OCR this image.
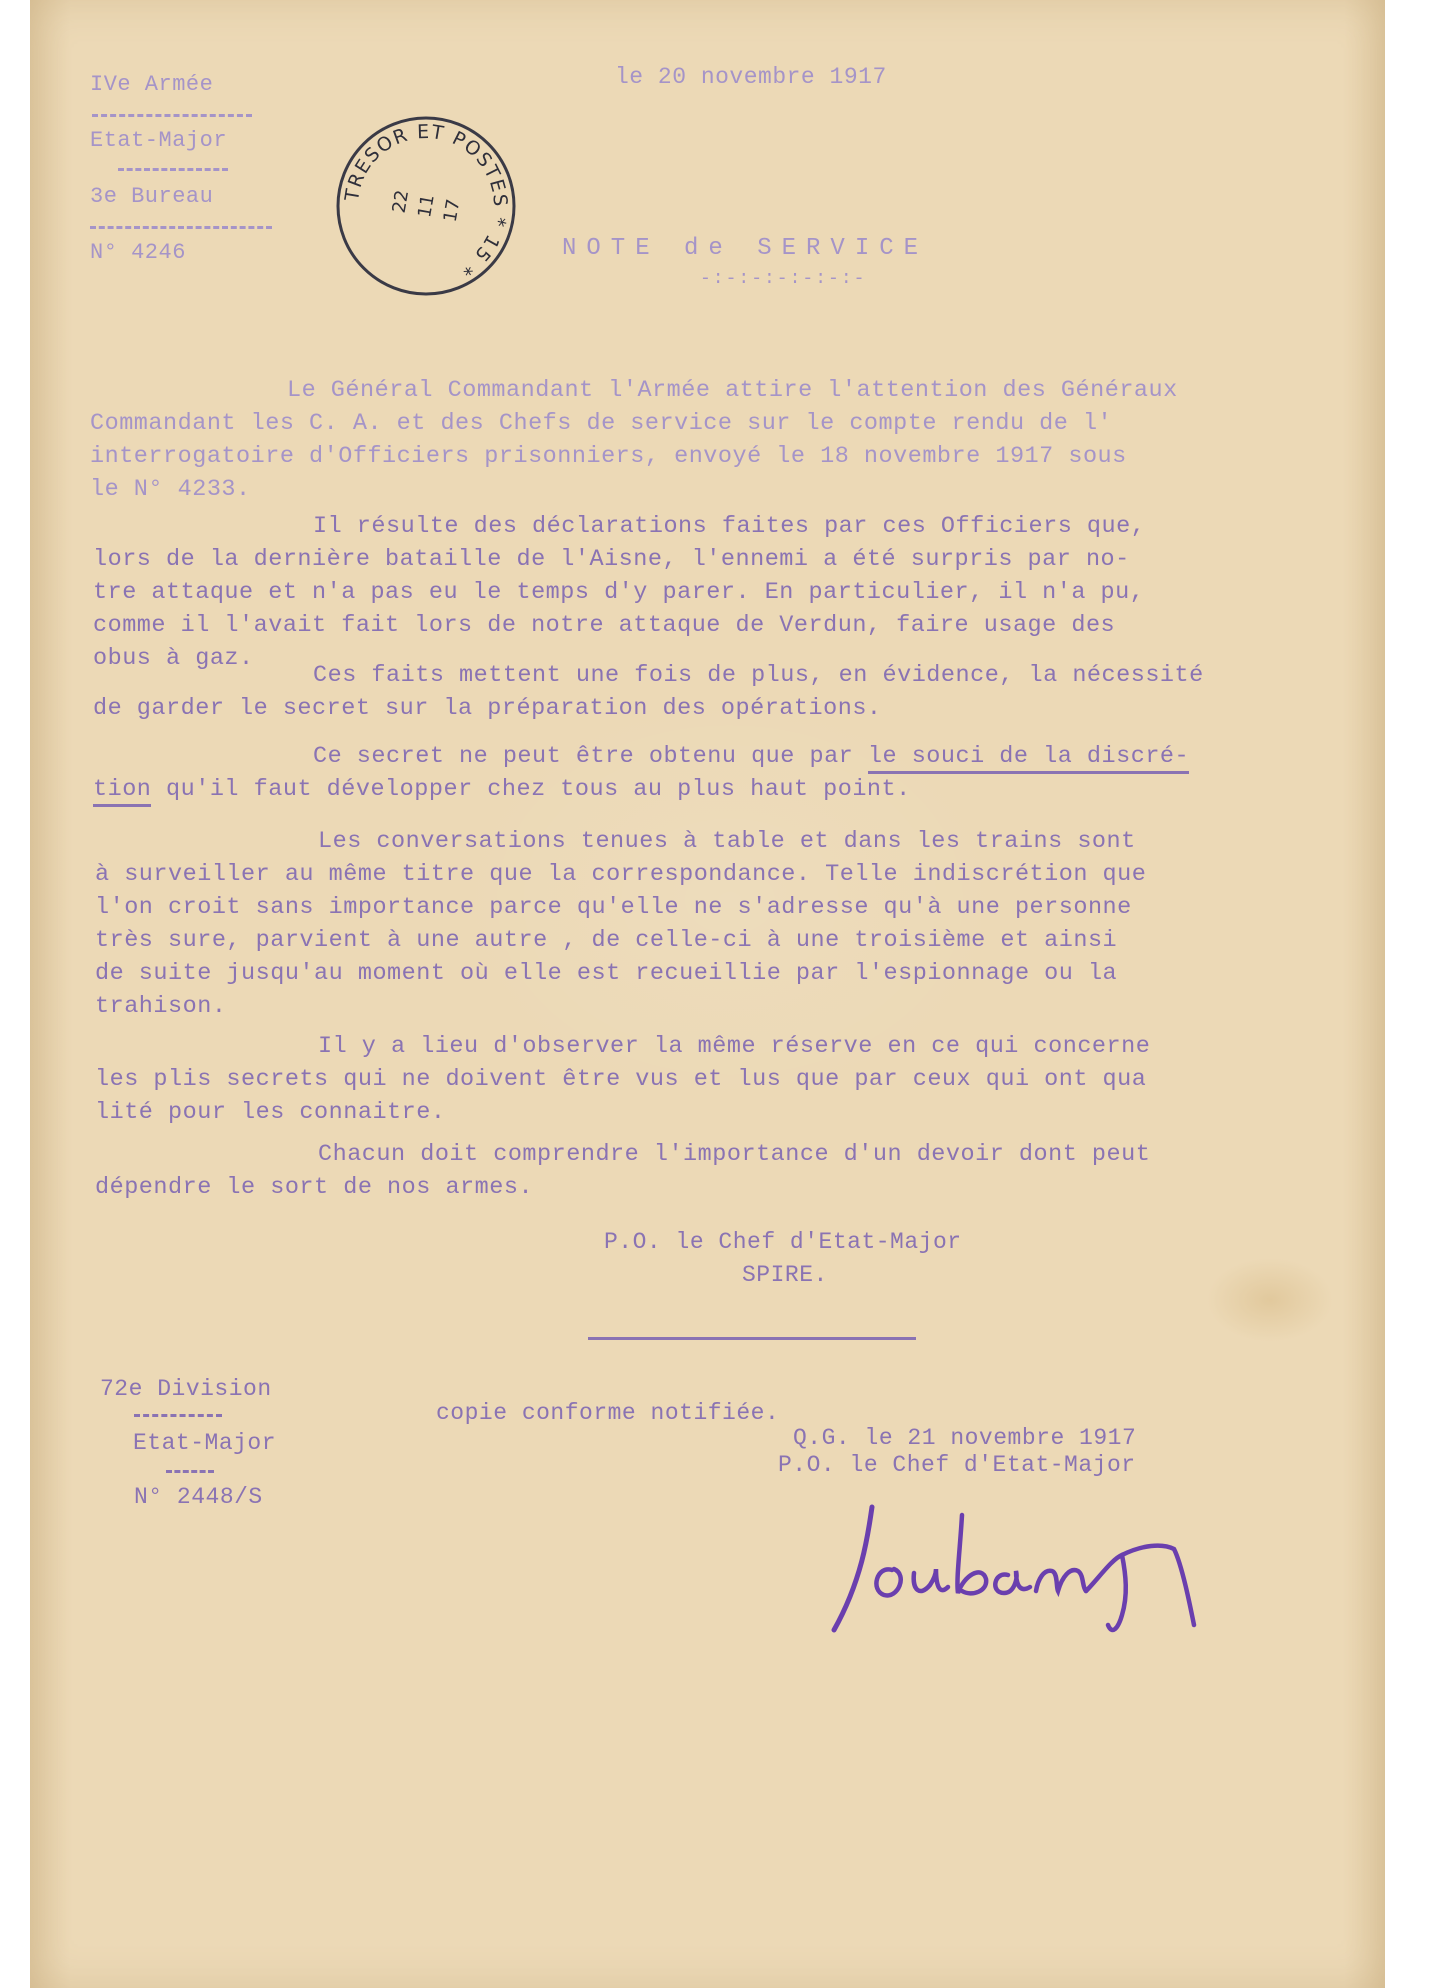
IVe Armée
Etat-Major
3e Bureau
N° 4246
le 20 novembre 1917
TRESOR ET POSTES * 15 *
22 11 17
NOTE de SERVICE
-:-:-:-:-:-:-
Le Général Commandant l'Armée attire l'attention des Généraux
Commandant les C. A. et des Chefs de service sur le compte rendu de l'
interrogatoire d'Officiers prisonniers, envoyé le 18 novembre 1917 sous
le N° 4233.
Il résulte des déclarations faites par ces Officiers que,
lors de la dernière bataille de l'Aisne, l'ennemi a été surpris par no-
tre attaque et n'a pas eu le temps d'y parer. En particulier, il n'a pu,
comme il l'avait fait lors de notre attaque de Verdun, faire usage des
obus à gaz.
Ces faits mettent une fois de plus, en évidence, la nécessité
de garder le secret sur la préparation des opérations.
Ce secret ne peut être obtenu que par le souci de la discré-
tion qu'il faut développer chez tous au plus haut point.
Les conversations tenues à table et dans les trains sont
à surveiller au même titre que la correspondance. Telle indiscrétion que
l'on croit sans importance parce qu'elle ne s'adresse qu'à une personne
très sure, parvient à une autre , de celle-ci à une troisième et ainsi
de suite jusqu'au moment où elle est recueillie par l'espionnage ou la
trahison.
Il y a lieu d'observer la même réserve en ce qui concerne
les plis secrets qui ne doivent être vus et lus que par ceux qui ont qua
lité pour les connaitre.
Chacun doit comprendre l'importance d'un devoir dont peut
dépendre le sort de nos armes.
P.O. le Chef d'Etat-Major
SPIRE.
72e Division
Etat-Major
N° 2448/S
copie conforme notifiée.
Q.G. le 21 novembre 1917
P.O. le Chef d'Etat-Major
